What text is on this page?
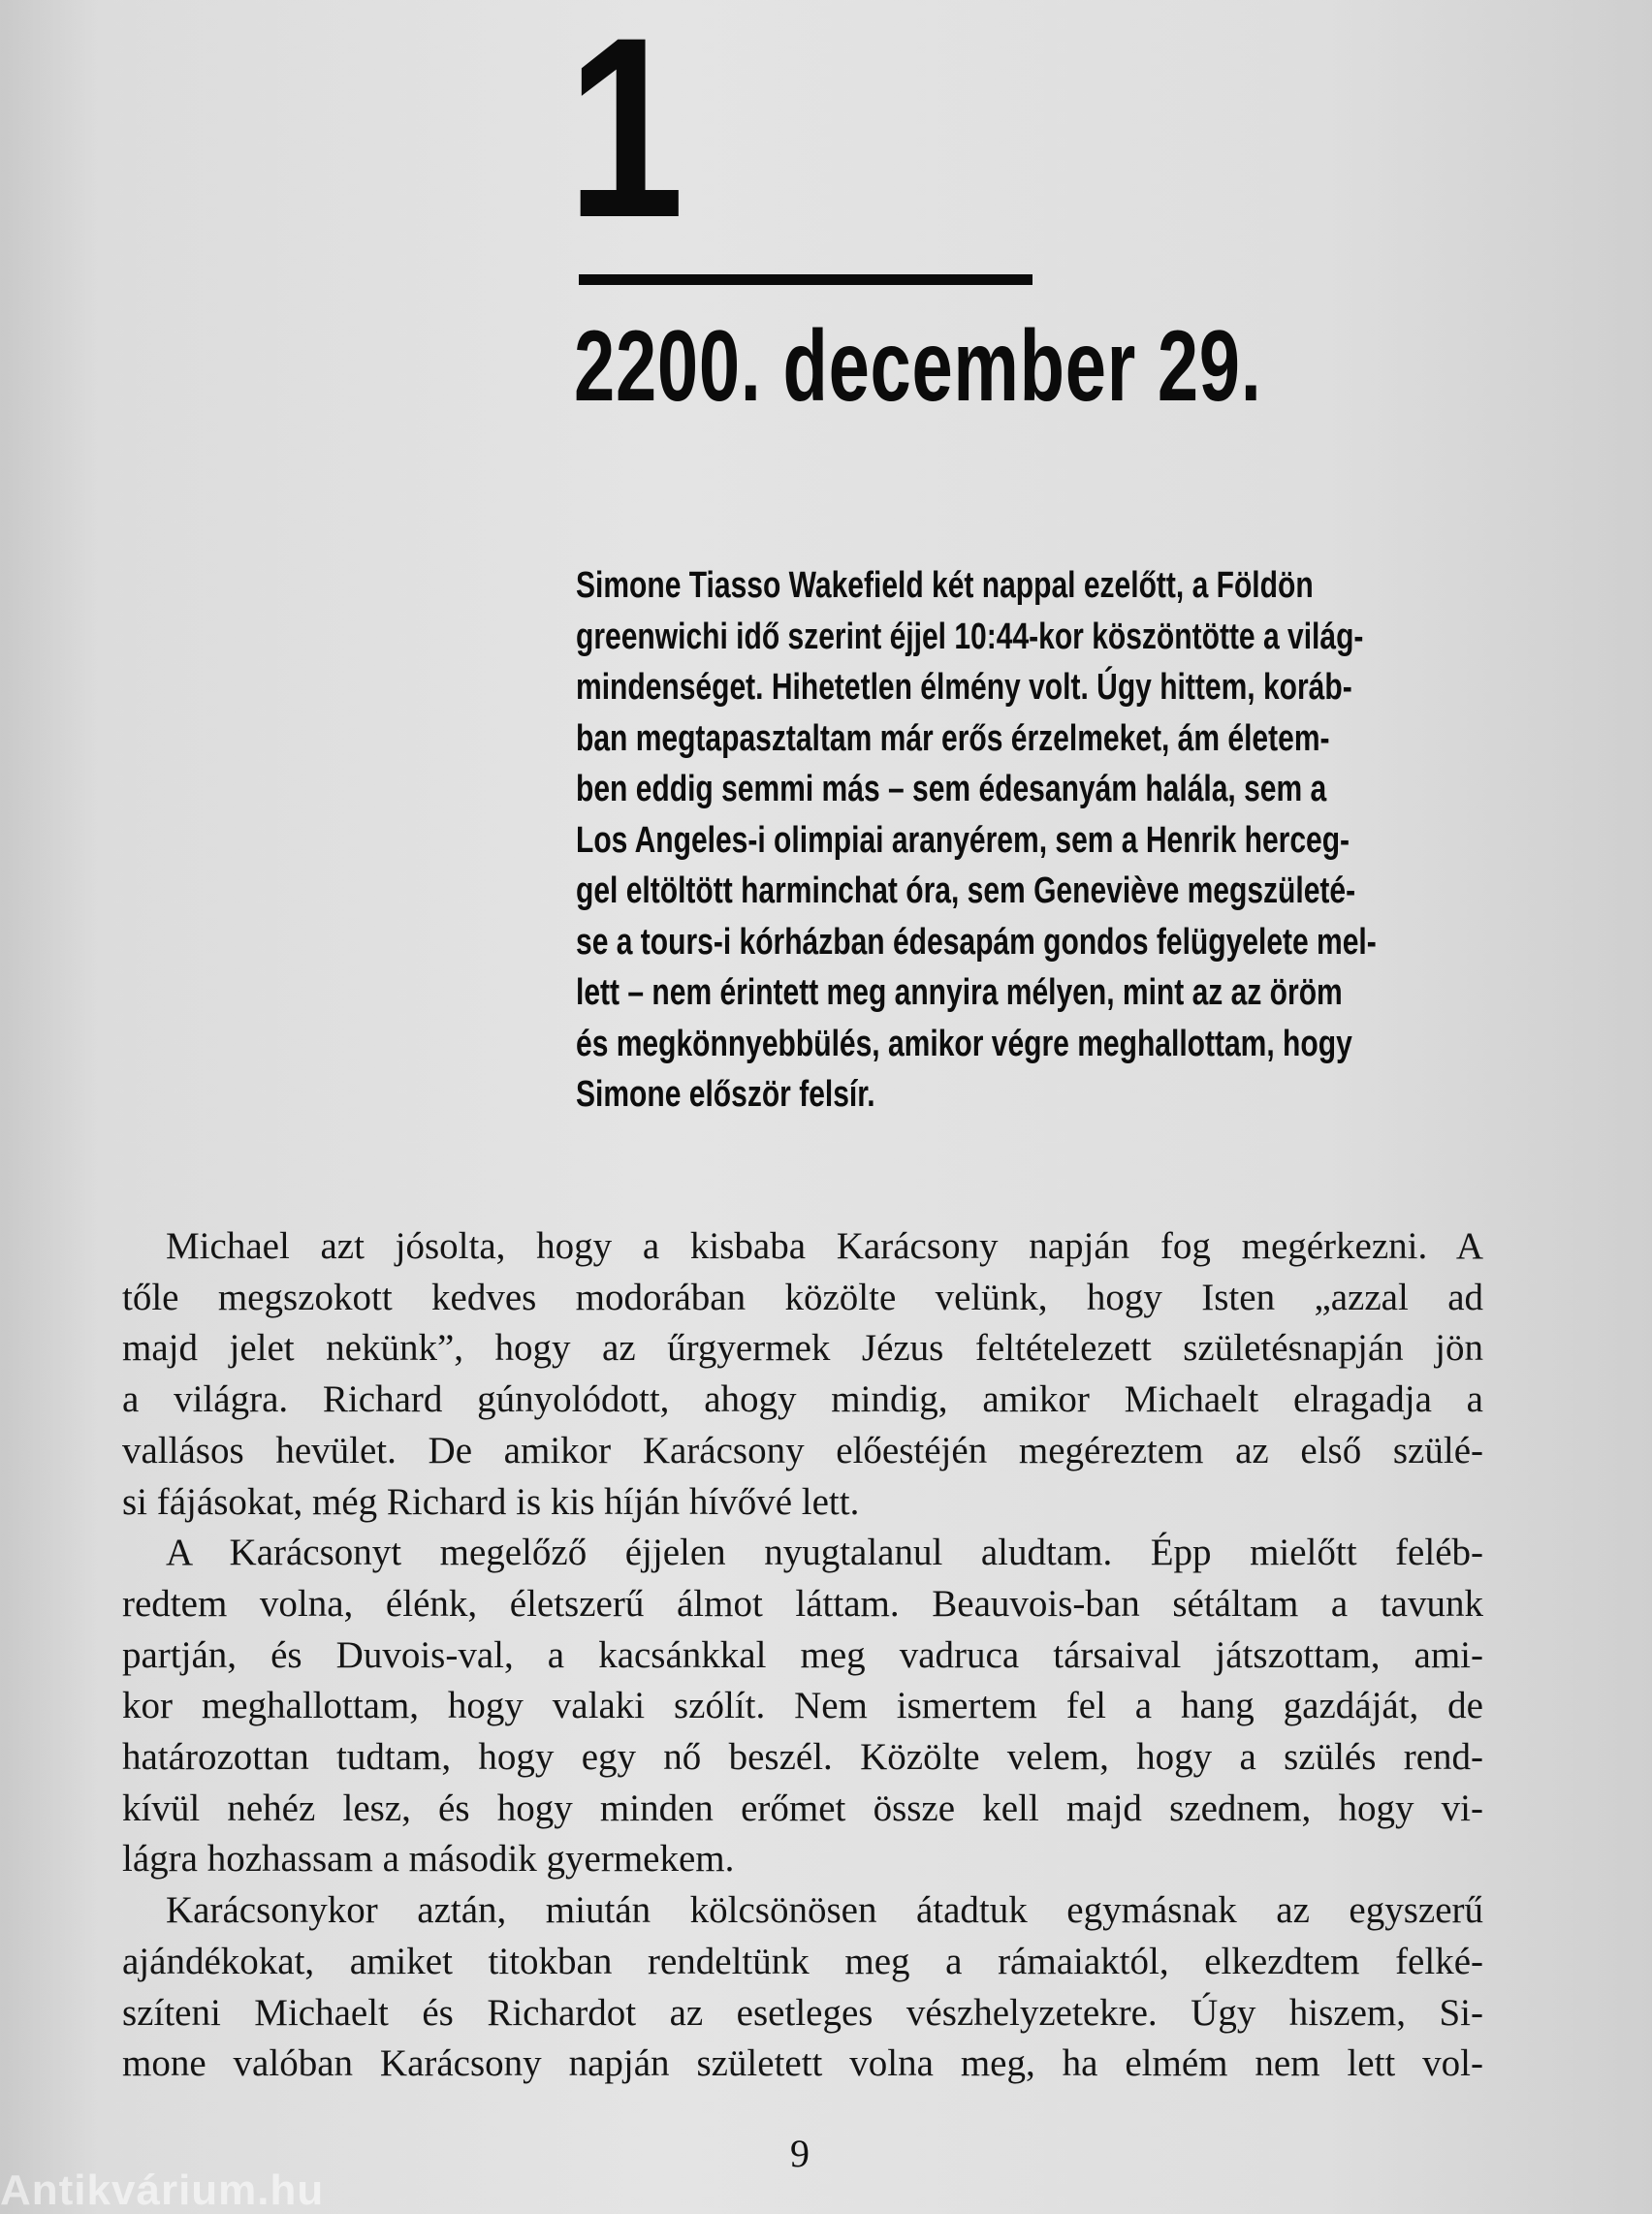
1
2200. december 29.
Simone Tiasso Wakefield két nappal ezelőtt, a Földön
greenwichi idő szerint éjjel 10:44-kor köszöntötte a világ-
mindenséget. Hihetetlen élmény volt. Úgy hittem, koráb-
ban megtapasztaltam már erős érzelmeket, ám életem-
ben eddig semmi más – sem édesanyám halála, sem a
Los Angeles-i olimpiai aranyérem, sem a Henrik herceg-
gel eltöltött harminchat óra, sem Geneviève megszületé-
se a tours-i kórházban édesapám gondos felügyelete mel-
lett – nem érintett meg annyira mélyen, mint az az öröm
és megkönnyebbülés, amikor végre meghallottam, hogy
Simone először felsír.
Michael azt jósolta, hogy a kisbaba Karácsony napján fog megérkezni. A
tőle megszokott kedves modorában közölte velünk, hogy Isten „azzal ad
majd jelet nekünk”, hogy az űrgyermek Jézus feltételezett születésnapján jön
a világra. Richard gúnyolódott, ahogy mindig, amikor Michaelt elragadja a
vallásos hevület. De amikor Karácsony előestéjén megéreztem az első szülé-
si fájásokat, még Richard is kis híján hívővé lett.
A Karácsonyt megelőző éjjelen nyugtalanul aludtam. Épp mielőtt feléb-
redtem volna, élénk, életszerű álmot láttam. Beauvois-ban sétáltam a tavunk
partján, és Duvois-val, a kacsánkkal meg vadruca társaival játszottam, ami-
kor meghallottam, hogy valaki szólít. Nem ismertem fel a hang gazdáját, de
határozottan tudtam, hogy egy nő beszél. Közölte velem, hogy a szülés rend-
kívül nehéz lesz, és hogy minden erőmet össze kell majd szednem, hogy vi-
lágra hozhassam a második gyermekem.
Karácsonykor aztán, miután kölcsönösen átadtuk egymásnak az egyszerű
ajándékokat, amiket titokban rendeltünk meg a rámaiaktól, elkezdtem felké-
szíteni Michaelt és Richardot az esetleges vészhelyzetekre. Úgy hiszem, Si-
mone valóban Karácsony napján született volna meg, ha elmém nem lett vol-
9
Antikvárium.hu
